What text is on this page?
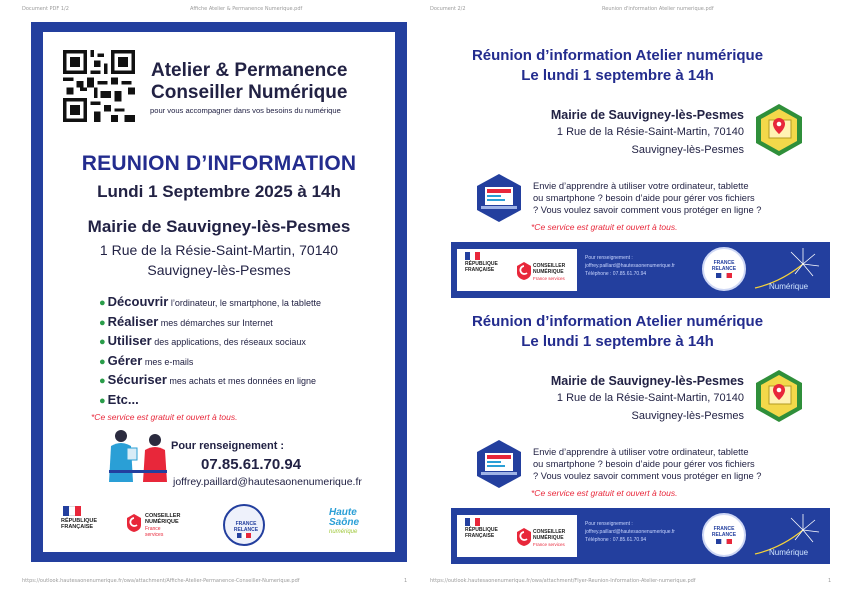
Document PDF 1/2	Affiche Atelier & Permanence Numerique.pdf	Document 2/2	Reunion d'information Atelier numerique.pdf
Atelier & Permanence
Conseiller Numérique
pour vous accompagner dans vos besoins du numérique
REUNION D’INFORMATION
Lundi 1 Septembre 2025 à 14h
Mairie de Sauvigney-lès-Pesmes
1 Rue de la Résie-Saint-Martin, 70140
Sauvigney-lès-Pesmes
● Découvrir l’ordinateur, le smartphone, la tablette
● Réaliser mes démarches sur Internet
● Utiliser des applications, des réseaux sociaux
● Gérer mes e-mails
● Sécuriser mes achats et mes données en ligne
● Etc...
*Ce service est gratuit et ouvert à tous.
Pour renseignement :
07.85.61.70.94
joffrey.paillard@hautesaonenumerique.fr
RÉPUBLIQUE
FRANÇAISE
CONSEILLER
NUMÉRIQUE
France
services
FRANCE RELANCE
Haute
Saône
numérique
Réunion d’information Atelier numérique
Le lundi 1 septembre à 14h
Mairie de Sauvigney-lès-Pesmes
1 Rue de la Résie-Saint-Martin, 70140
Sauvigney-lès-Pesmes
Envie d’apprendre à utiliser votre ordinateur, tablette
ou smartphone ? besoin d’aide pour gérer vos fichiers
? Vous voulez savoir comment vous protéger en ligne ?
*Ce service est gratuit et ouvert à tous.
RÉPUBLIQUE
FRANÇAISE
CONSEILLER
NUMÉRIQUE
France services
Pour renseignement :
joffrey.paillard@hautesaonenumerique.fr
Téléphone : 07.85.61.70.94
FRANCE RELANCE
Numérique
Réunion d’information Atelier numérique
Le lundi 1 septembre à 14h
Mairie de Sauvigney-lès-Pesmes
1 Rue de la Résie-Saint-Martin, 70140
Sauvigney-lès-Pesmes
Envie d’apprendre à utiliser votre ordinateur, tablette
ou smartphone ? besoin d’aide pour gérer vos fichiers
? Vous voulez savoir comment vous protéger en ligne ?
*Ce service est gratuit et ouvert à tous.
RÉPUBLIQUE
FRANÇAISE
CONSEILLER
NUMÉRIQUE
France services
Pour renseignement :
joffrey.paillard@hautesaonenumerique.fr
Téléphone : 07.85.61.70.94
FRANCE RELANCE
Numérique
https://outlook.hautesaonenumerique.fr/owa/attachment/Affiche-Atelier-Permanence-Conseiller-Numerique.pdf	1	https://outlook.hautesaonenumerique.fr/owa/attachment/Flyer-Reunion-Information-Atelier-numerique.pdf	1
